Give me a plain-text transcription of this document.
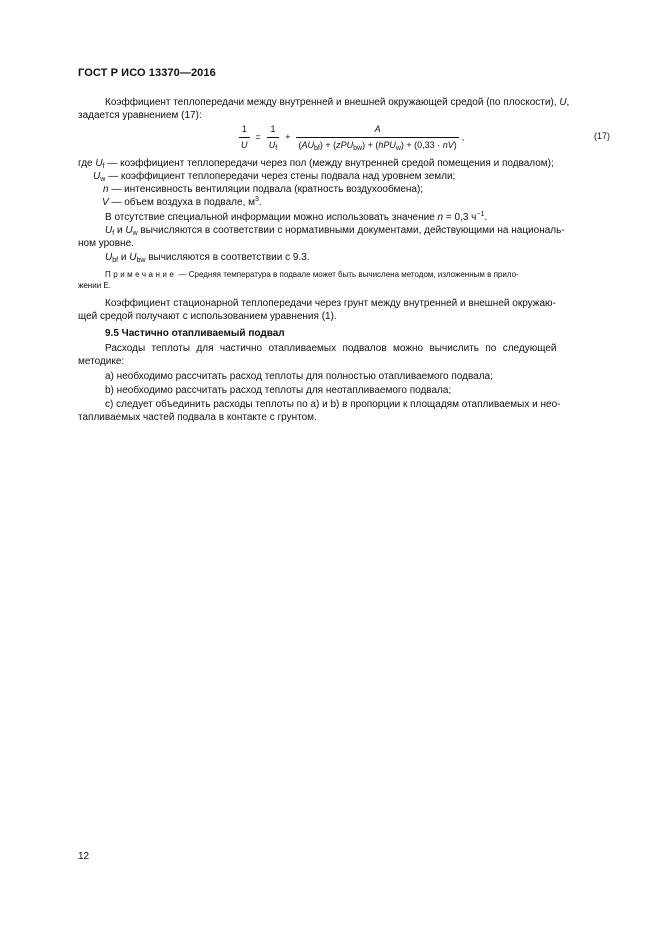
ГОСТ Р ИСО 13370—2016
Коэффициент теплопередачи между внутренней и внешней окружающей средой (по плоскости), U,
задается уравнением (17):
$\frac{1}{U} = \frac{1}{U_f} + \frac{A}{(AU_{bf}) + (zPU_{bw}) + (hPU_w) + (0,33 \cdot nV)}$ ,	(17)
где $U_f$ — коэффициент теплопередачи через пол (между внутренней средой помещения и подвалом);
$U_w$ — коэффициент теплопередачи через стены подвала над уровнем земли;
n — интенсивность вентиляции подвала (кратность воздухообмена);
V — объем воздуха в подвале, $м^3$.
В отсутствие специальной информации можно использовать значение n = 0,3 $ч^{-1}$.
$U_f$ и $U_w$ вычисляются в соответствии с нормативными документами, действующими на националь-
ном уровне.
$U_{bf}$ и $U_{bw}$ вычисляются в соответствии с 9.3.
Примечание — Средняя температура в подвале может быть вычислена методом, изложенным в прило-
жении Е.
Коэффициент стационарной теплопередачи через грунт между внутренней и внешней окружаю-
щей средой получают с использованием уравнения (1).
9.5 Частично отапливаемый подвал
Расходы теплоты для частично отапливаемых подвалов можно вычислить по следующей
методике:
а) необходимо рассчитать расход теплоты для полностью отапливаемого подвала;
b) необходимо рассчитать расход теплоты для неотапливаемого подвала;
с) следует объединить расходы теплоты по а) и b) в пропорции к площадям отапливаемых и нео-
тапливаемых частей подвала в контакте с грунтом.
12
